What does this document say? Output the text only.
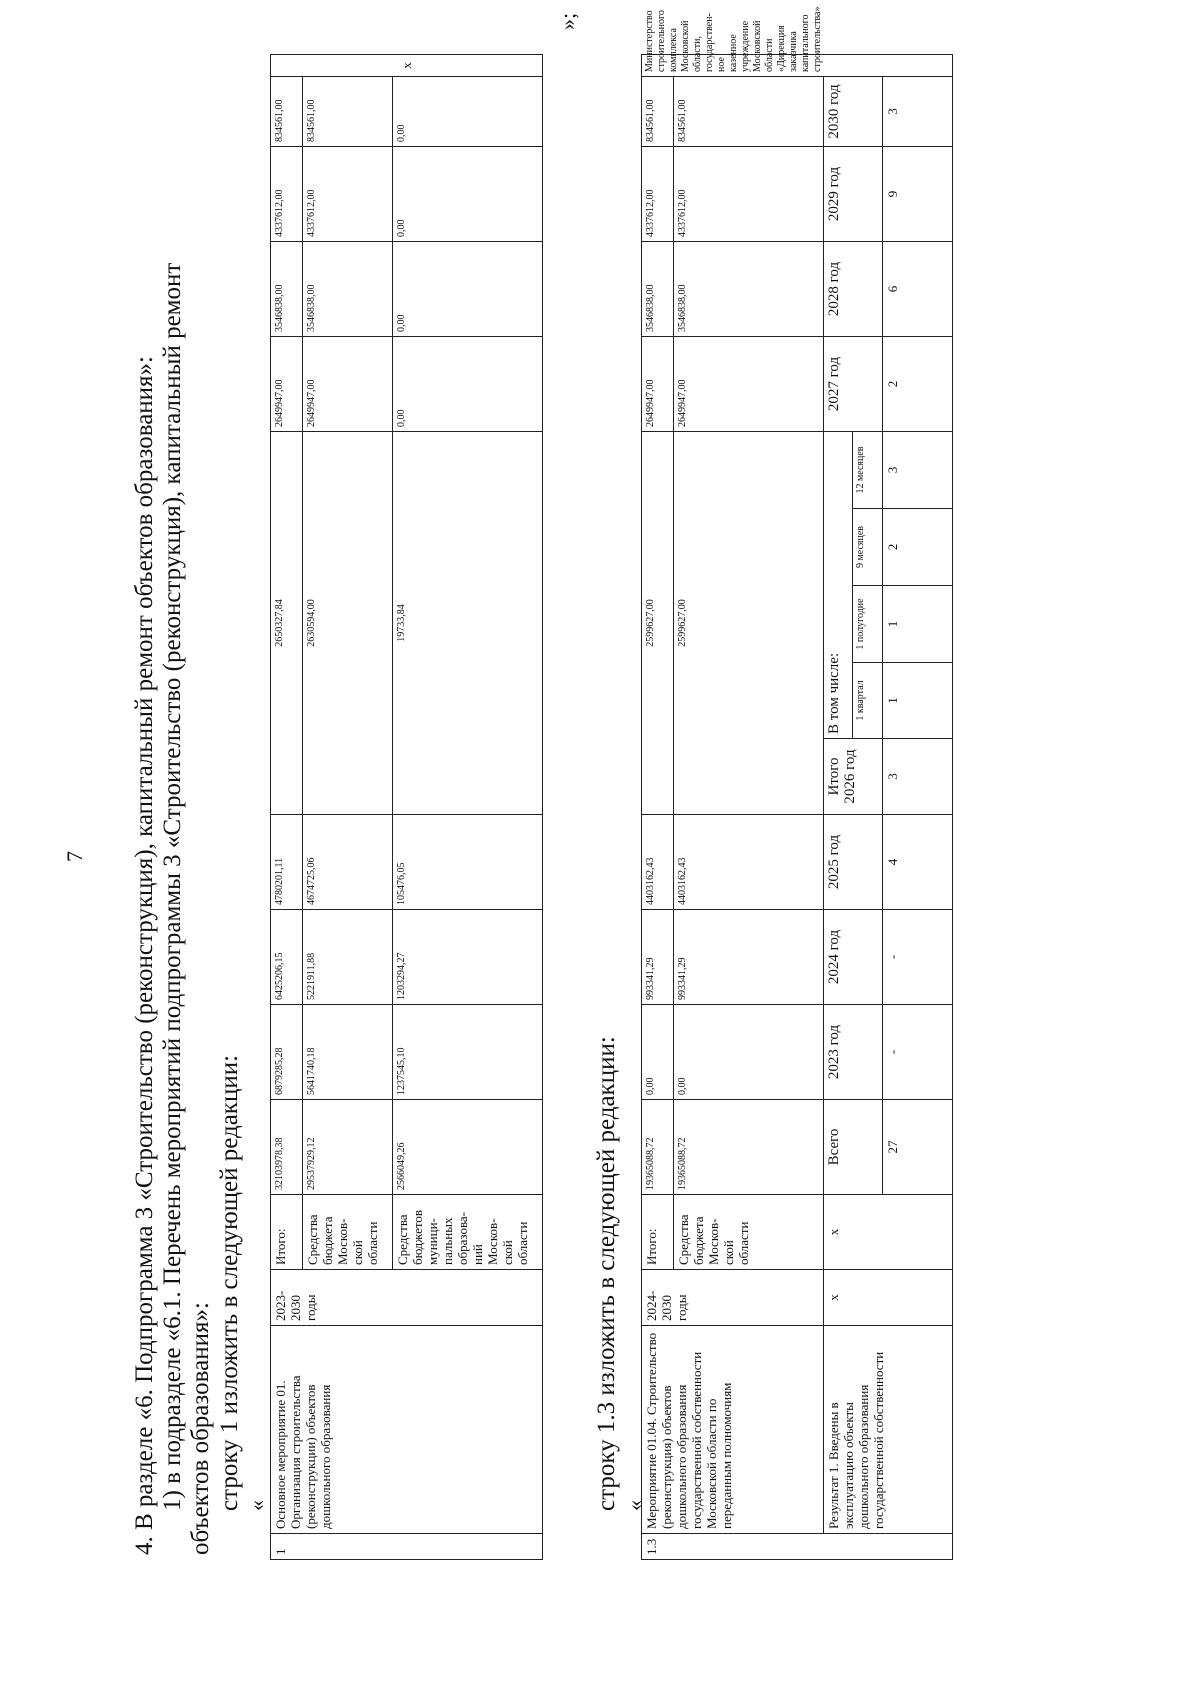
7 4. В разделе «6. Подпрограмма 3 «Строительство (реконструкция), капитальный ремонт объектов образования»: 1) в подразделе «6.1. Перечень мероприятий подпрограммы 3 «Строительство (реконструкция), капитальный ремонт объектов образования»: строку 1 изложить в следующей редакции: «
1	Основное мероприятие 01. Организация строительства (реконструкции) объектов дошкольного образования	2023-2030 годы	Итого:	32103978,38	6879285,28	6425206,15	4780201,11	2650327,84	2649947,00	3546838,00	4337612,00	834561,00	x
			Средства бюджета Москов-ской области	29537929,12	5641740,18	5221911,88	4674725,06	2630594,00	2649947,00	3546838,00	4337612,00	834561,00	
			Средства бюджетов муници-пальных образова-ний Москов-ской области	2566049,26	1237545,10	1203294,27	105476,05	19733,84	0,00	0,00	0,00	0,00	
»;
строку 1.3 изложить в следующей редакции: «
1.3	Мероприятие 01.04. Строительство (реконструкция) объектов дошкольного образования государственной собственности Московской области по переданным полномочиям	2024-2030 годы	Итого:	19365088,72	0,00	993341,29	4403162,43	2599627,00					2649947,00	3546838,00	4337612,00	834561,00	Министерство строительного комплекса Московской области, государствен-ное казенное учреждение Московской области «Дирекция заказчика капитального строительства»
			Средства бюджета Москов-ской области	19365088,72	0,00	993341,29	4403162,43	2599627,00					2649947,00	3546838,00	4337612,00	834561,00	
	Результат 1. Введены в эксплуатацию объекты дошкольного образования государственной собственности	x	x	Всего	2023 год	2024 год	2025 год	Итого 2026 год	В том числе:				2027 год	2028 год	2029 год	2030 год	
									1 квартал	1 полугодие	9 месяцев	12 месяцев					

				27	-	-	4	3	1	1	2	3	2	6	9	3	
